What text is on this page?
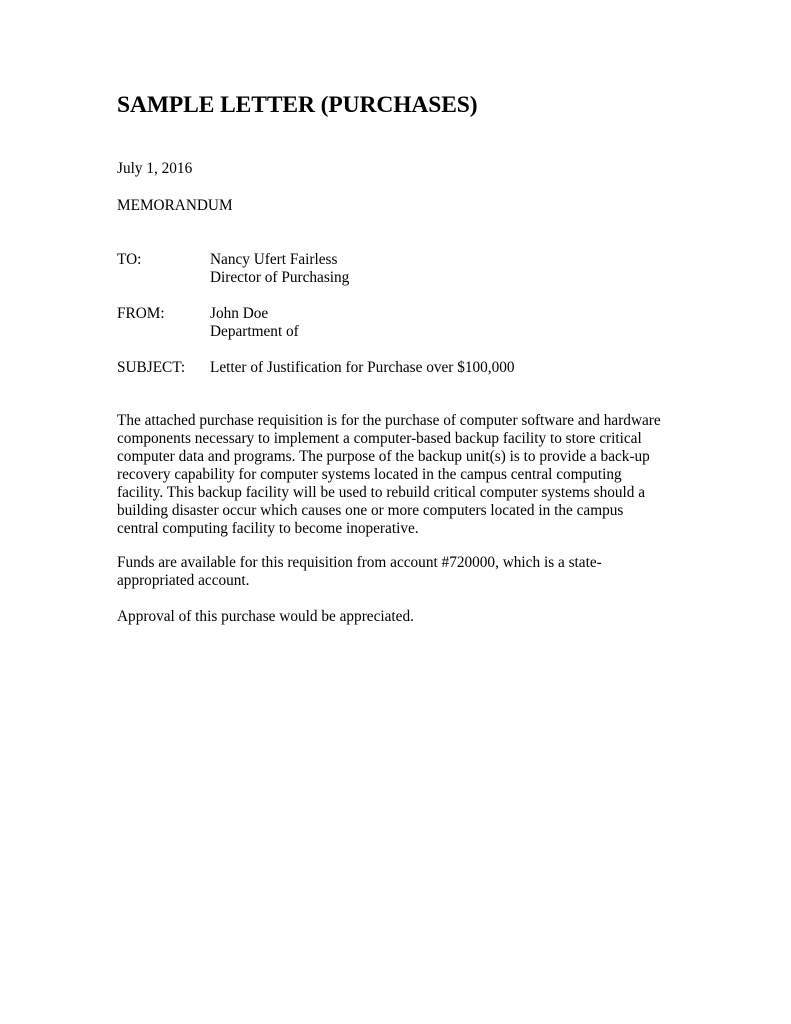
SAMPLE LETTER (PURCHASES)
July 1, 2016
MEMORANDUM
TO:	Nancy Ufert Fairless
Director of Purchasing
FROM:	John Doe
Department of
SUBJECT: Letter of Justification for Purchase over $100,000
The attached purchase requisition is for the purchase of computer software and hardware
components necessary to implement a computer-based backup facility to store critical
computer data and programs. The purpose of the backup unit(s) is to provide a back-up
recovery capability for computer systems located in the campus central computing
facility. This backup facility will be used to rebuild critical computer systems should a
building disaster occur which causes one or more computers located in the campus
central computing facility to become inoperative.
Funds are available for this requisition from account #720000, which is a state-
appropriated account.
Approval of this purchase would be appreciated.
